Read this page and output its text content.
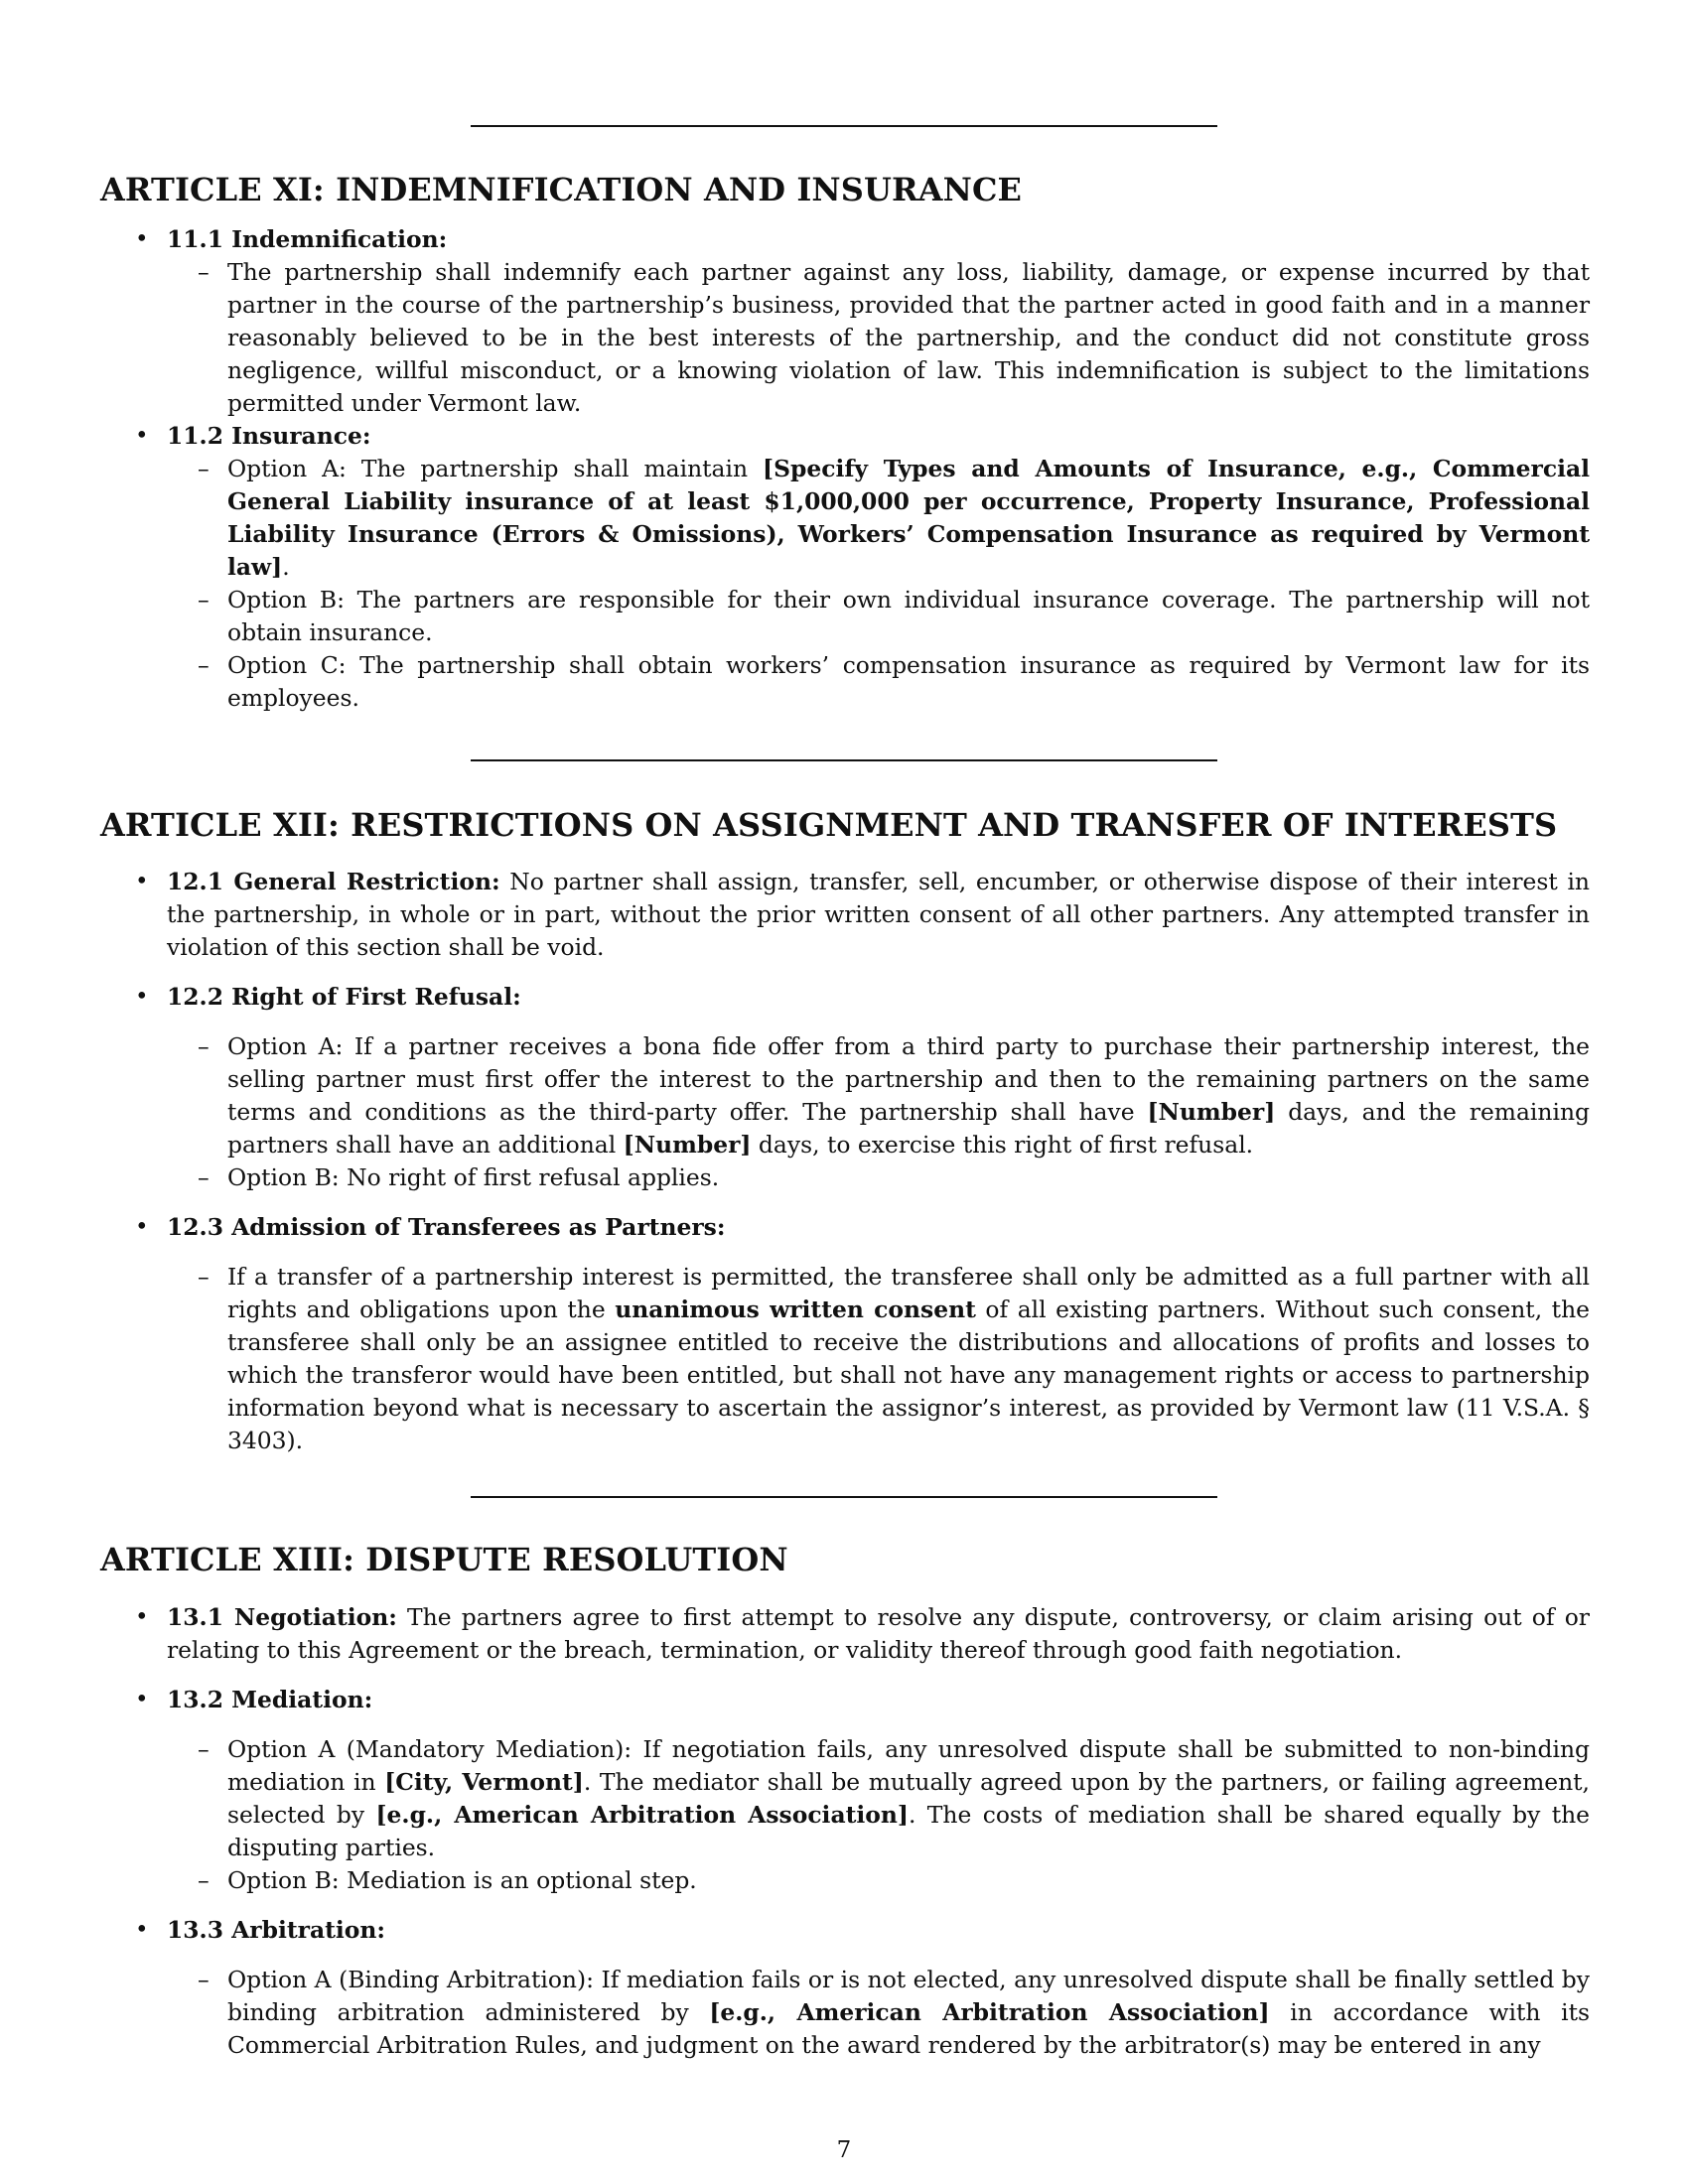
ARTICLE XI: INDEMNIFICATION AND INSURANCE
• 11.1 Indemnification:
– The partnership shall indemnify each partner against any loss, liability, damage, or expense incurred by that partner in the course of the partnership’s business, provided that the partner acted in good faith and in a manner reasonably believed to be in the best interests of the partnership, and the conduct did not constitute gross negligence, willful misconduct, or a knowing violation of law. This indemnification is subject to the limitations permitted under Vermont law.
• 11.2 Insurance:
– Option A: The partnership shall maintain [Specify Types and Amounts of Insurance, e.g., Commercial General Liability insurance of at least $1,000,000 per occurrence, Property Insurance, Professional Liability Insurance (Errors & Omissions), Workers’ Compensation Insurance as required by Vermont law].
– Option B: The partners are responsible for their own individual insurance coverage. The partnership will not obtain insurance.
– Option C: The partnership shall obtain workers’ compensation insurance as required by Vermont law for its employees.
ARTICLE XII: RESTRICTIONS ON ASSIGNMENT AND TRANSFER OF INTERESTS
• 12.1 General Restriction: No partner shall assign, transfer, sell, encumber, or otherwise dispose of their interest in the partnership, in whole or in part, without the prior written consent of all other partners. Any attempted transfer in violation of this section shall be void.
• 12.2 Right of First Refusal:
– Option A: If a partner receives a bona fide offer from a third party to purchase their partnership interest, the selling partner must first offer the interest to the partnership and then to the remaining partners on the same terms and conditions as the third-party offer. The partnership shall have [Number] days, and the remaining partners shall have an additional [Number] days, to exercise this right of first refusal.
– Option B: No right of first refusal applies.
• 12.3 Admission of Transferees as Partners:
– If a transfer of a partnership interest is permitted, the transferee shall only be admitted as a full partner with all rights and obligations upon the unanimous written consent of all existing partners. Without such consent, the transferee shall only be an assignee entitled to receive the distributions and allocations of profits and losses to which the transferor would have been entitled, but shall not have any management rights or access to partnership information beyond what is necessary to ascertain the assignor’s interest, as provided by Vermont law (11 V.S.A. § 3403).
ARTICLE XIII: DISPUTE RESOLUTION
• 13.1 Negotiation: The partners agree to first attempt to resolve any dispute, controversy, or claim arising out of or relating to this Agreement or the breach, termination, or validity thereof through good faith negotiation.
• 13.2 Mediation:
– Option A (Mandatory Mediation): If negotiation fails, any unresolved dispute shall be submitted to non-binding mediation in [City, Vermont]. The mediator shall be mutually agreed upon by the partners, or failing agreement, selected by [e.g., American Arbitration Association]. The costs of mediation shall be shared equally by the disputing parties.
– Option B: Mediation is an optional step.
• 13.3 Arbitration:
– Option A (Binding Arbitration): If mediation fails or is not elected, any unresolved dispute shall be finally settled by binding arbitration administered by [e.g., American Arbitration Association] in accordance with its Commercial Arbitration Rules, and judgment on the award rendered by the arbitrator(s) may be entered in any
7
